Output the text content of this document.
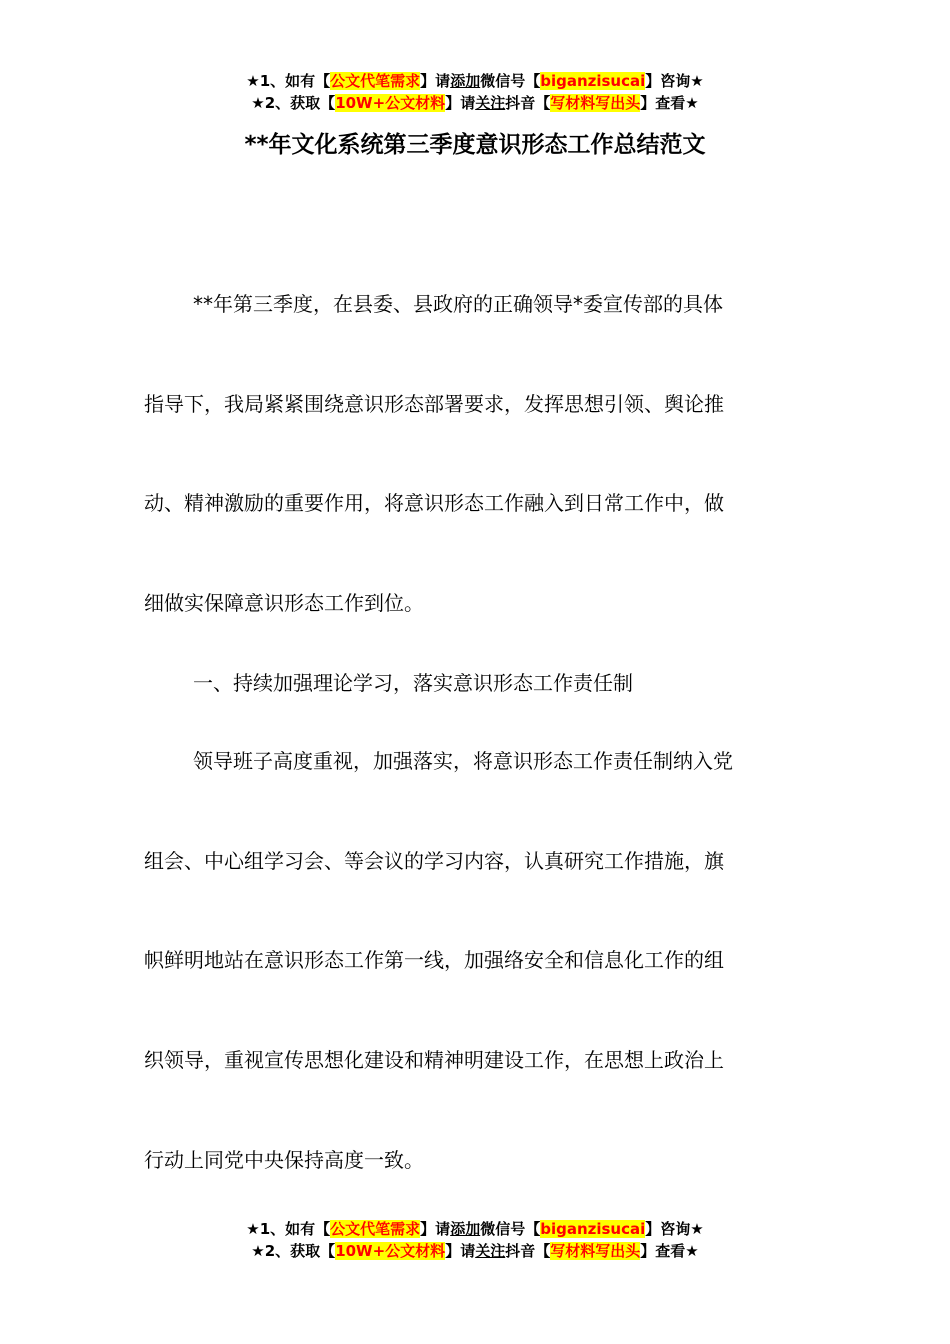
★1、如有【公文代笔需求】请添加微信号【biganzisucai】咨询★
★2、获取【10W+公文材料】请关注抖音【写材料写出头】查看★
**年文化系统第三季度意识形态工作总结范文
**年第三季度，在县委、县政府的正确领导*委宣传部的具体
指导下，我局紧紧围绕意识形态部署要求，发挥思想引领、舆论推
动、精神激励的重要作用，将意识形态工作融入到日常工作中，做
细做实保障意识形态工作到位。
一、持续加强理论学习，落实意识形态工作责任制
领导班子高度重视，加强落实，将意识形态工作责任制纳入党
组会、中心组学习会、等会议的学习内容，认真研究工作措施，旗
帜鲜明地站在意识形态工作第一线，加强络安全和信息化工作的组
织领导，重视宣传思想化建设和精神明建设工作，在思想上政治上
行动上同党中央保持高度一致。
★1、如有【公文代笔需求】请添加微信号【biganzisucai】咨询★
★2、获取【10W+公文材料】请关注抖音【写材料写出头】查看★
